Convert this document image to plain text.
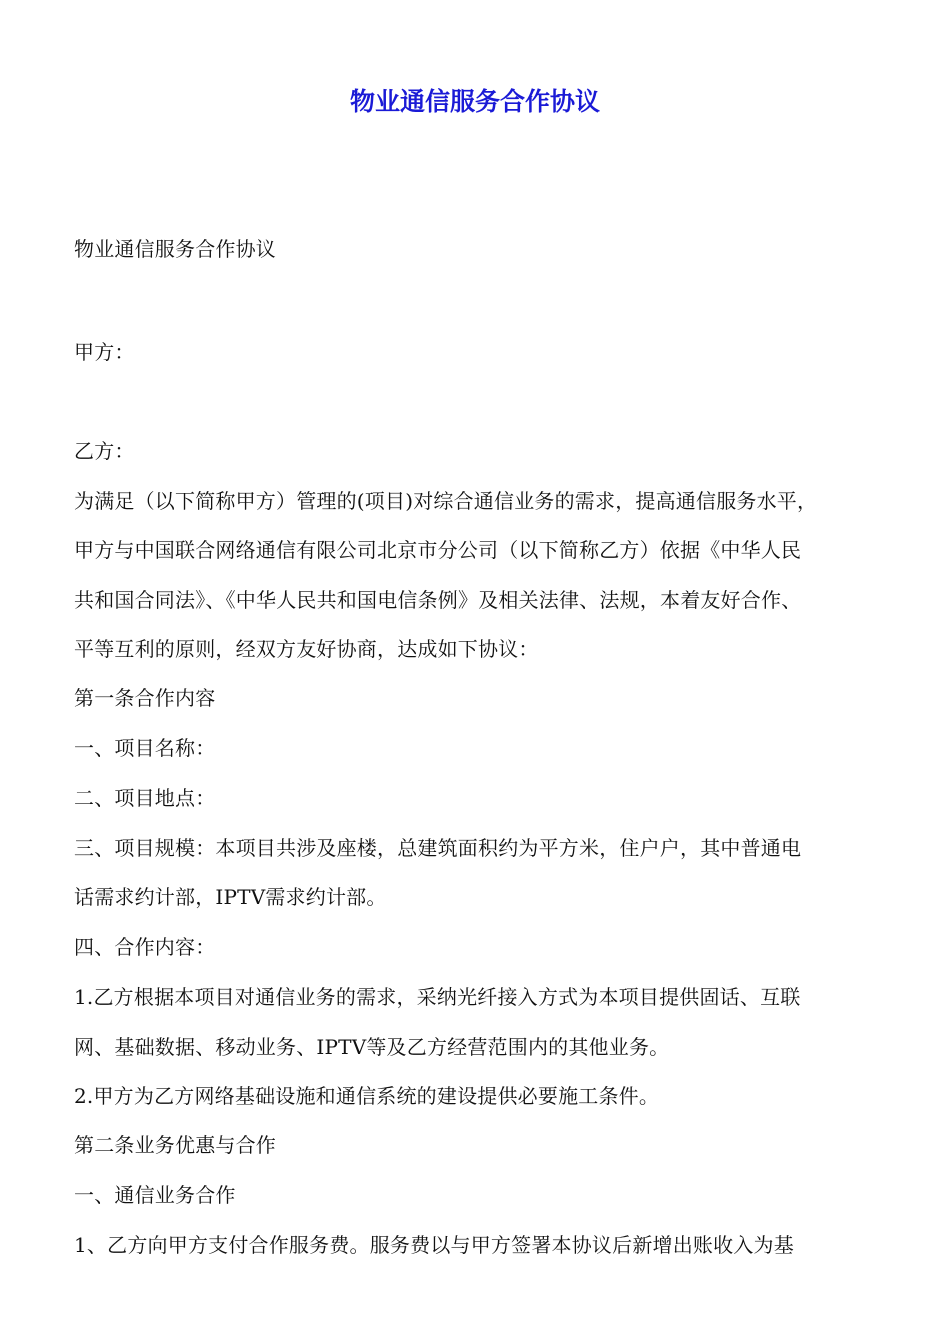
物业通信服务合作协议
物业通信服务合作协议
甲方：
乙方：
为满足（以下简称甲方）管理的(项目)对综合通信业务的需求，提高通信服务水平，
甲方与中国联合网络通信有限公司北京市分公司（以下简称乙方）依据《中华人民
共和国合同法》、《中华人民共和国电信条例》及相关法律、法规，本着友好合作、
平等互利的原则，经双方友好协商，达成如下协议：
第一条合作内容
一、项目名称：
二、项目地点：
三、项目规模：本项目共涉及座楼，总建筑面积约为平方米，住户户，其中普通电
话需求约计部，IPTV需求约计部。
四、合作内容：
1.乙方根据本项目对通信业务的需求，采纳光纤接入方式为本项目提供固话、互联
网、基础数据、移动业务、IPTV等及乙方经营范围内的其他业务。
2.甲方为乙方网络基础设施和通信系统的建设提供必要施工条件。
第二条业务优惠与合作
一、通信业务合作
1、乙方向甲方支付合作服务费。服务费以与甲方签署本协议后新增出账收入为基
